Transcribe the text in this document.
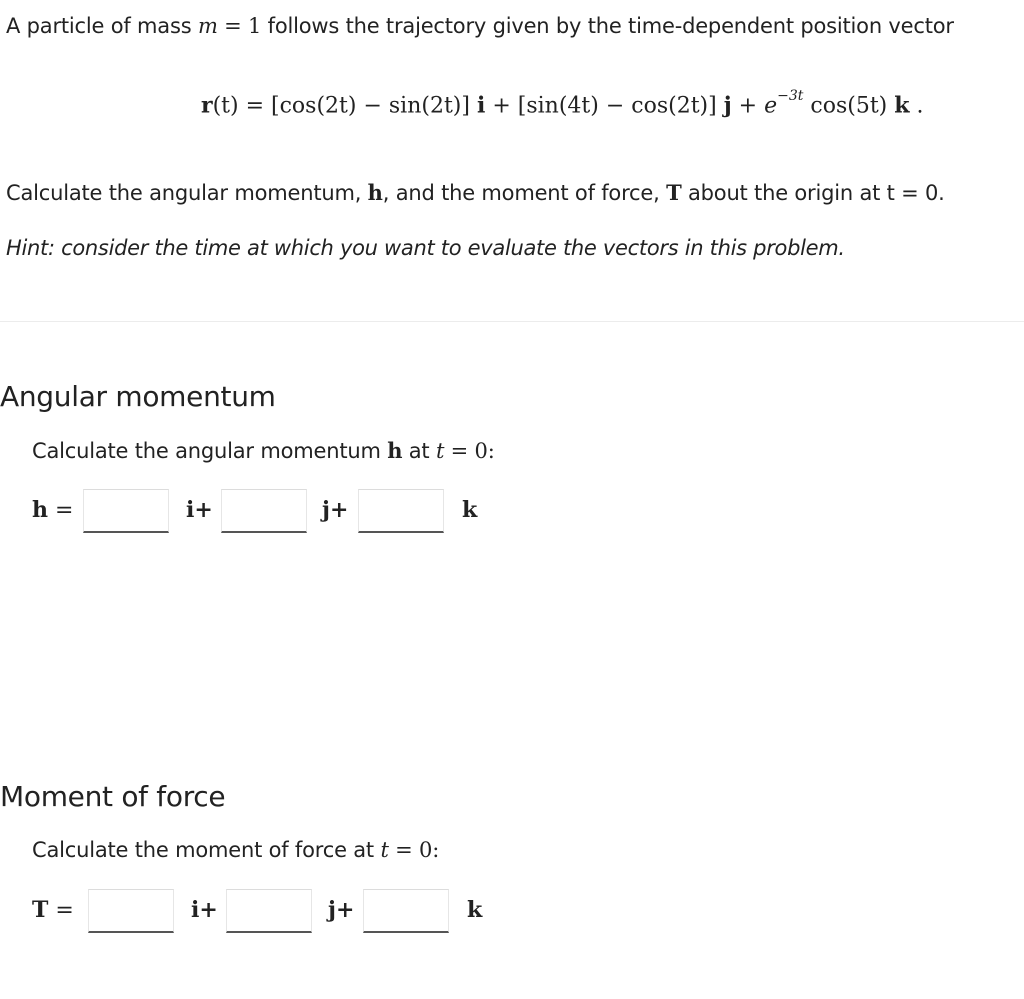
A particle of mass m = 1 follows the trajectory given by the time-dependent position vector
r(t) = [cos(2t) − sin(2t)] i + [sin(4t) − cos(2t)] $j + e^{-3t}$ cos(5t) k .
Calculate the angular momentum, h, and the moment of force, T about the origin at t = 0.
Hint: consider the time at which you want to evaluate the vectors in this problem.
Angular momentum
Calculate the angular momentum h at t = 0:
h =	i+	j+	k
Moment of force
Calculate the moment of force at t = 0:
T =	i+	j+	k
